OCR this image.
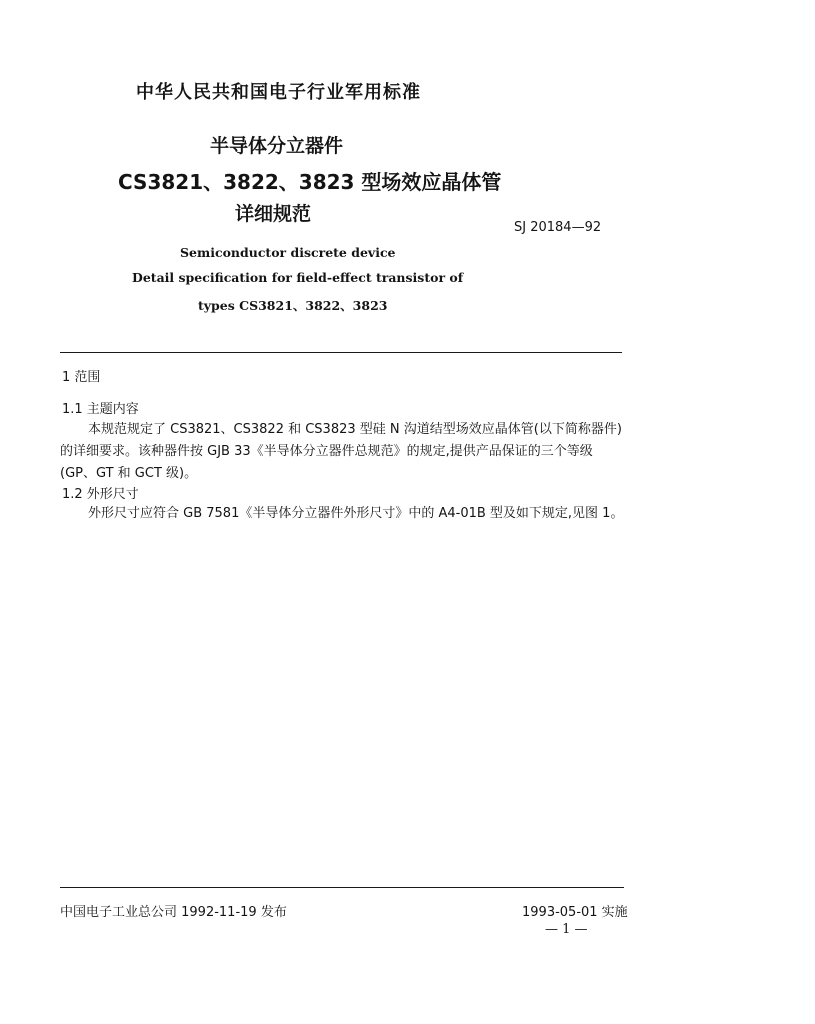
中华人民共和国电子行业军用标准
半导体分立器件
CS3821、3822、3823 型场效应晶体管
详细规范
SJ 20184—92
Semiconductor discrete device
Detail specification for field-effect transistor of
types CS3821、3822、3823
1 范围
1.1 主题内容
本规范规定了 CS3821、CS3822 和 CS3823 型硅 N 沟道结型场效应晶体管(以下简称器件)的详细要求。该种器件按 GJB 33《半导体分立器件总规范》的规定,提供产品保证的三个等级(GP、GT 和 GCT 级)。
1.2 外形尺寸
外形尺寸应符合 GB 7581《半导体分立器件外形尺寸》中的 A4-01B 型及如下规定,见图 1。
中国电子工业总公司 1992-11-19 发布	1993-05-01 实施
— 1 —
